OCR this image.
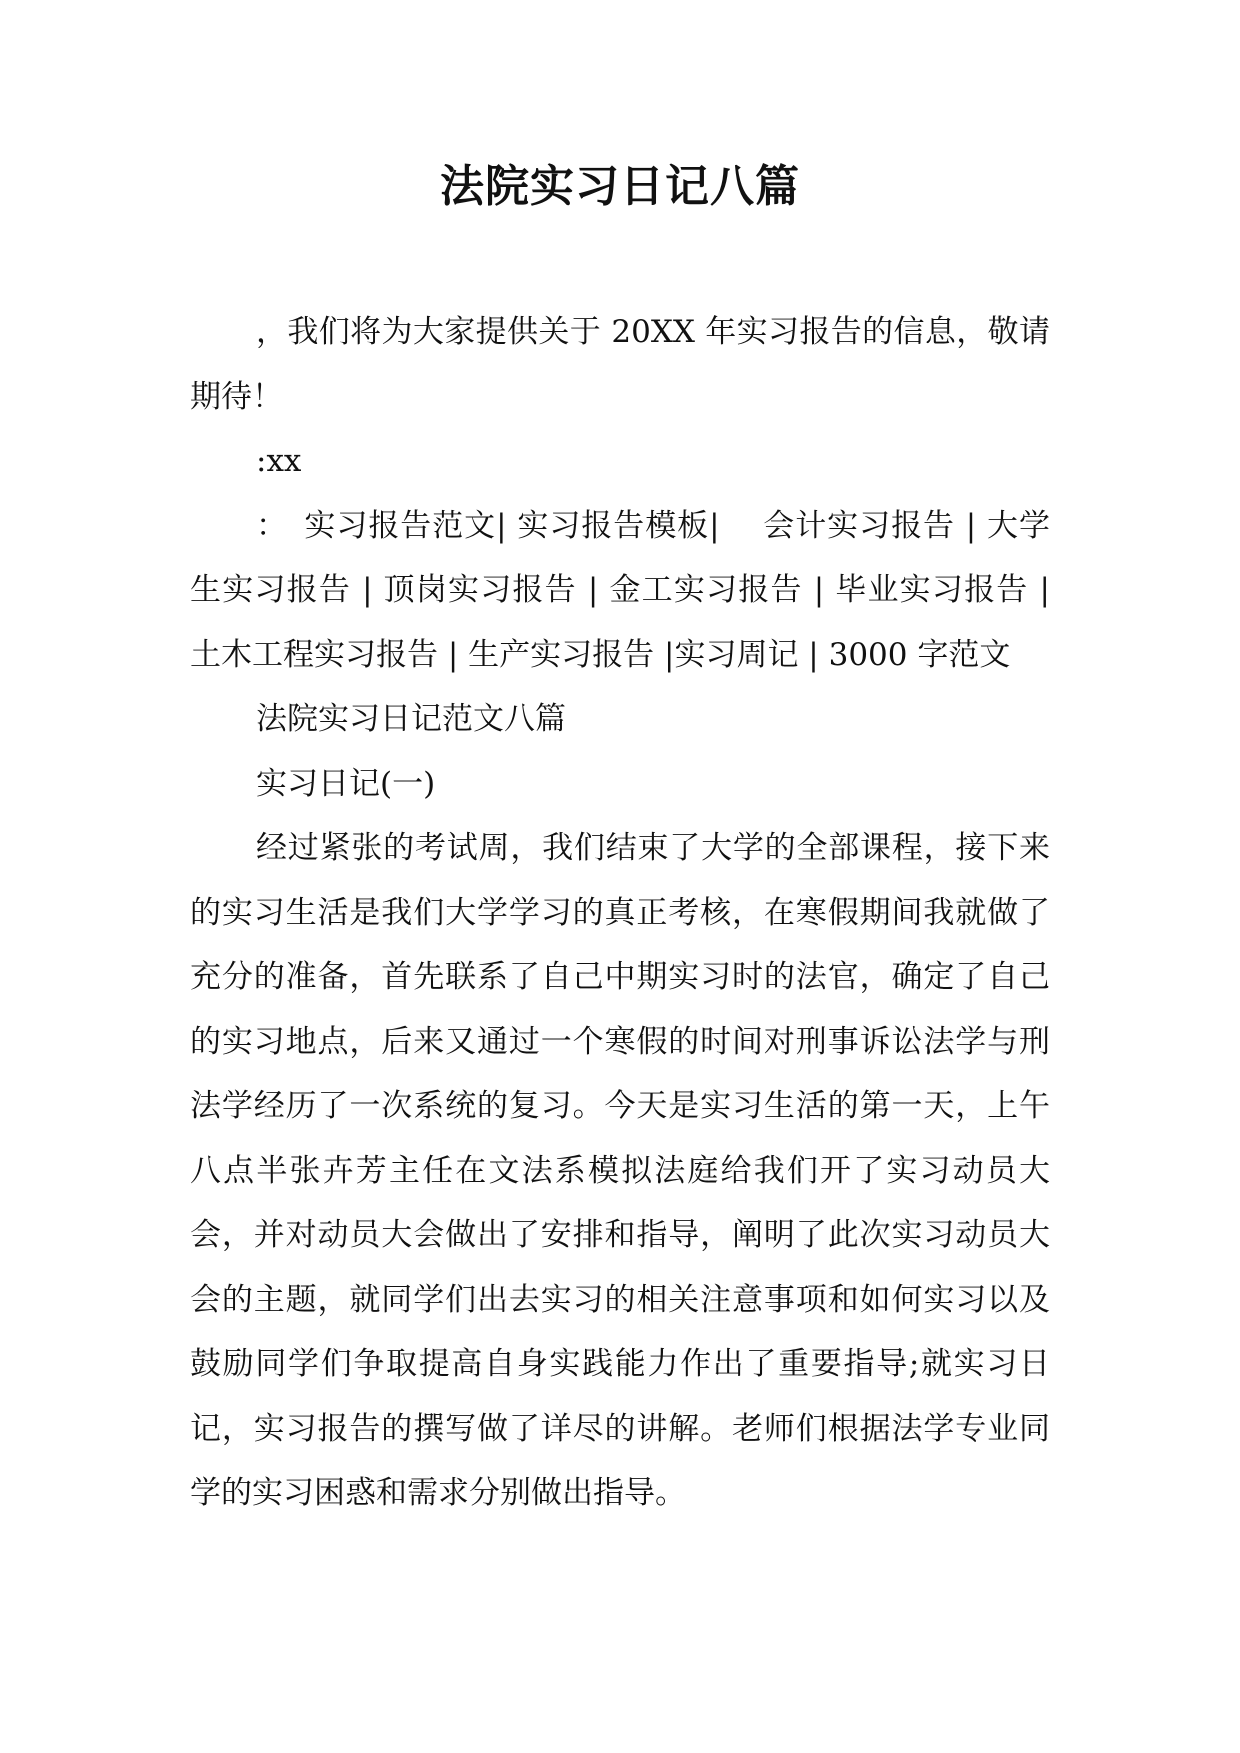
法院实习日记八篇

，我们将为大家提供关于 20XX 年实习报告的信息，敬请期待！

:xx

：　实习报告范文| 实习报告模板|　 会计实习报告 | 大学生实习报告 | 顶岗实习报告 | 金工实习报告 | 毕业实习报告 | 土木工程实习报告 | 生产实习报告 |实习周记 | 3000 字范文

法院实习日记范文八篇

实习日记(一)

经过紧张的考试周，我们结束了大学的全部课程，接下来的实习生活是我们大学学习的真正考核，在寒假期间我就做了充分的准备，首先联系了自己中期实习时的法官，确定了自己的实习地点，后来又通过一个寒假的时间对刑事诉讼法学与刑法学经历了一次系统的复习。今天是实习生活的第一天，上午八点半张卉芳主任在文法系模拟法庭给我们开了实习动员大会，并对动员大会做出了安排和指导，阐明了此次实习动员大会的主题，就同学们出去实习的相关注意事项和如何实习以及鼓励同学们争取提高自身实践能力作出了重要指导;就实习日记，实习报告的撰写做了详尽的讲解。老师们根据法学专业同学的实习困惑和需求分别做出指导。
